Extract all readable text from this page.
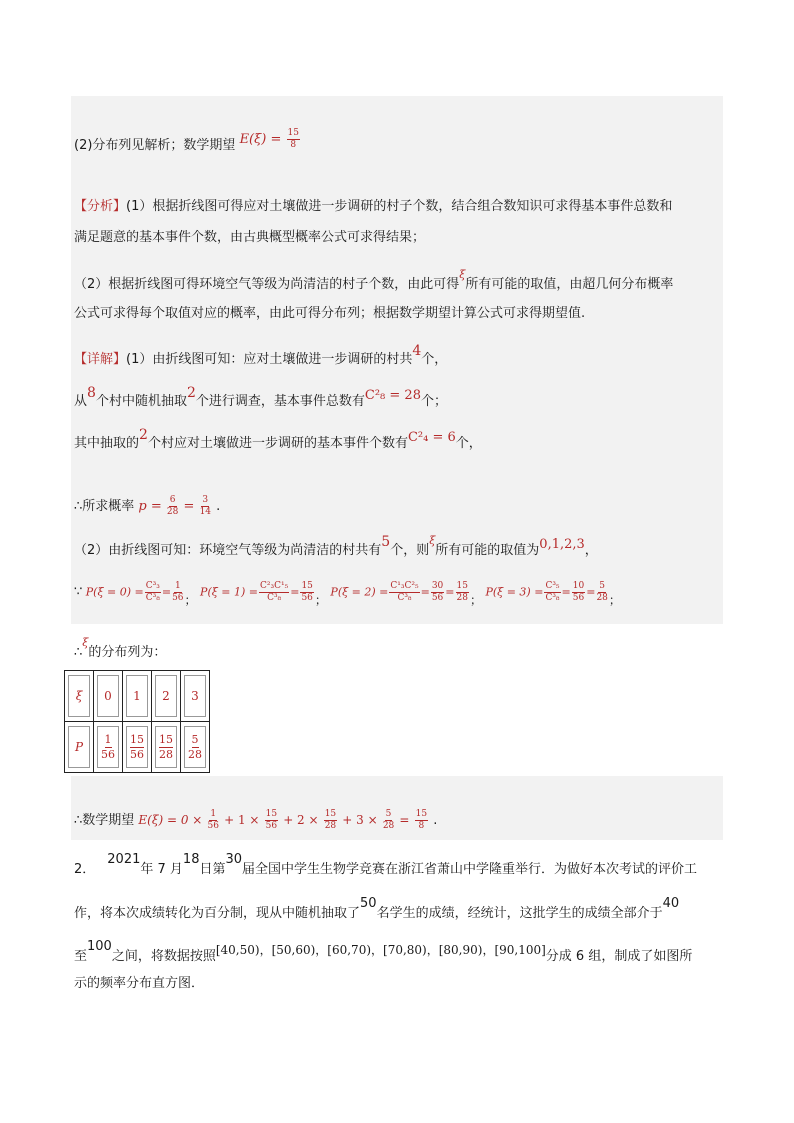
(2)分布列见解析；数学期望 $E(\xi) = \frac{15}{8}$
【分析】(1）根据折线图可得应对土壤做进一步调研的村子个数，结合组合数知识可求得基本事件总数和
满足题意的基本事件个数，由古典概型概率公式可求得结果；
（2）根据折线图可得环境空气等级为尚清洁的村子个数，由此可得$^\xi$所有可能的取值，由超几何分布概率
公式可求得每个取值对应的概率，由此可得分布列；根据数学期望计算公式可求得期望值.
【详解】(1）由折线图可知：应对土壤做进一步调研的村共4个，
从8个村中随机抽取2个进行调查，基本事件总数有C²₈ = 28个；
其中抽取的2个村应对土壤做进一步调研的基本事件个数有C²₄ = 6个，
∴所求概率 $p = \frac{6}{28} = \frac{3}{14}$ .
（2）由折线图可知：环境空气等级为尚清洁的村共有5个，则$^\xi$所有可能的取值为0,1,2,3，
∵ $P(\xi = 0) = \frac{\text{C³₃}}{\text{C³₈}} = \frac{1}{56}$ ； $P(\xi = 1) = \frac{\text{C²₃C¹₅}}{\text{C³₈}} = \frac{15}{56}$ ； $P(\xi = 2) = \frac{\text{C¹₃C²₅}}{\text{C³₈}} = \frac{30}{56} = \frac{15}{28}$ ； $P(\xi = 3) = \frac{\text{C³₅}}{\text{C³₈}} = \frac{10}{56} = \frac{5}{28}$ ；
∴$^\xi$的分布列为：
ξ	0	1	2	3
P	$\frac{1}{56}$	$\frac{15}{56}$	$\frac{15}{28}$	$\frac{5}{28}$
∴数学期望 $E(\xi) = 0 \times \frac{1}{56} + 1 \times \frac{15}{56} + 2 \times \frac{15}{28} + 3 \times \frac{5}{28} = \frac{15}{8}$ .
2．2021年 7 月18日第30届全国中学生生物学竞赛在浙江省萧山中学隆重举行．为做好本次考试的评价工
作，将本次成绩转化为百分制，现从中随机抽取了50名学生的成绩，经统计，这批学生的成绩全部介于40
至100之间，将数据按照[40,50)，[50,60)，[60,70)，[70,80)，[80,90)，[90,100]分成 6 组，制成了如图所
示的频率分布直方图．
